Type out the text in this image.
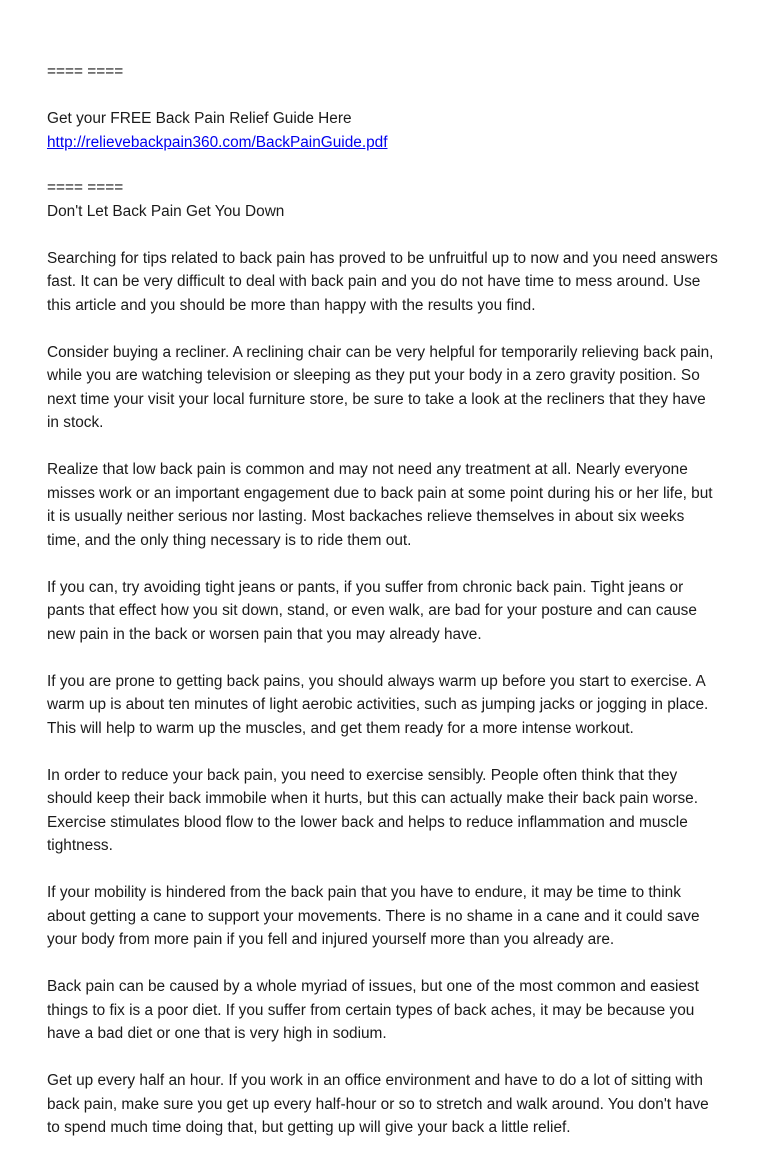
==== ====
Get your FREE Back Pain Relief Guide Here
http://relievebackpain360.com/BackPainGuide.pdf
==== ====
Don't Let Back Pain Get You Down
Searching for tips related to back pain has proved to be unfruitful up to now and you need answers
fast. It can be very difficult to deal with back pain and you do not have time to mess around. Use
this article and you should be more than happy with the results you find.
Consider buying a recliner. A reclining chair can be very helpful for temporarily relieving back pain,
while you are watching television or sleeping as they put your body in a zero gravity position. So
next time your visit your local furniture store, be sure to take a look at the recliners that they have
in stock.
Realize that low back pain is common and may not need any treatment at all. Nearly everyone
misses work or an important engagement due to back pain at some point during his or her life, but
it is usually neither serious nor lasting. Most backaches relieve themselves in about six weeks
time, and the only thing necessary is to ride them out.
If you can, try avoiding tight jeans or pants, if you suffer from chronic back pain. Tight jeans or
pants that effect how you sit down, stand, or even walk, are bad for your posture and can cause
new pain in the back or worsen pain that you may already have.
If you are prone to getting back pains, you should always warm up before you start to exercise. A
warm up is about ten minutes of light aerobic activities, such as jumping jacks or jogging in place.
This will help to warm up the muscles, and get them ready for a more intense workout.
In order to reduce your back pain, you need to exercise sensibly. People often think that they
should keep their back immobile when it hurts, but this can actually make their back pain worse.
Exercise stimulates blood flow to the lower back and helps to reduce inflammation and muscle
tightness.
If your mobility is hindered from the back pain that you have to endure, it may be time to think
about getting a cane to support your movements. There is no shame in a cane and it could save
your body from more pain if you fell and injured yourself more than you already are.
Back pain can be caused by a whole myriad of issues, but one of the most common and easiest
things to fix is a poor diet. If you suffer from certain types of back aches, it may be because you
have a bad diet or one that is very high in sodium.
Get up every half an hour. If you work in an office environment and have to do a lot of sitting with
back pain, make sure you get up every half-hour or so to stretch and walk around. You don't have
to spend much time doing that, but getting up will give your back a little relief.
